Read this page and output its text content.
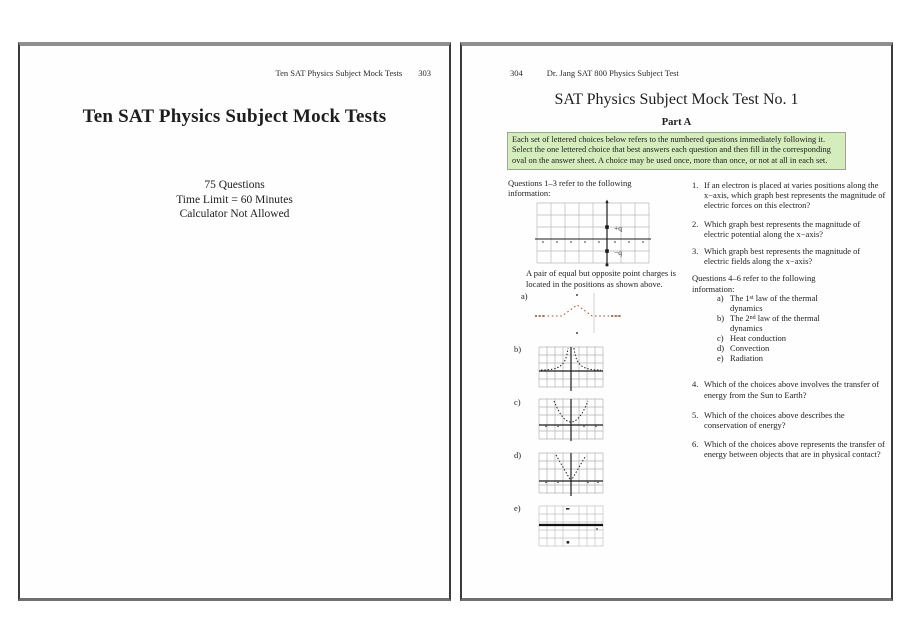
Ten SAT Physics Subject Mock Tests 303
Ten SAT Physics Subject Mock Tests
75 Questions
Time Limit = 60 Minutes
Calculator Not Allowed
304	Dr. Jang SAT 800 Physics Subject Test
SAT Physics Subject Mock Test No. 1
Part A
Each set of lettered choices below refers to the numbered questions immediately following it. Select the one lettered choice that best answers each question and then fill in the corresponding oval on the answer sheet. A choice may be used once, more than once, or not at all in each set.
Questions 1–3 refer to the following
information:
+q
−q
A pair of equal but opposite point charges is located in the positions as shown above.
a)
b)
c)
d)
e)
1. If an electron is placed at varies positions along the x−axis, which graph best represents the magnitude of electric forces on this electron?
2. Which graph best represents the magnitude of electric potential along the x−axis?
3. Which graph best represents the magnitude of electric fields along the x−axis?
Questions 4–6 refer to the following
information:
a) The 1st law of the thermal dynamics
b) The 2nd law of the thermal dynamics
c) Heat conduction
d) Convection
e) Radiation
4. Which of the choices above involves the transfer of energy from the Sun to Earth?
5. Which of the choices above describes the conservation of energy?
6. Which of the choices above represents the transfer of energy between objects that are in physical contact?
